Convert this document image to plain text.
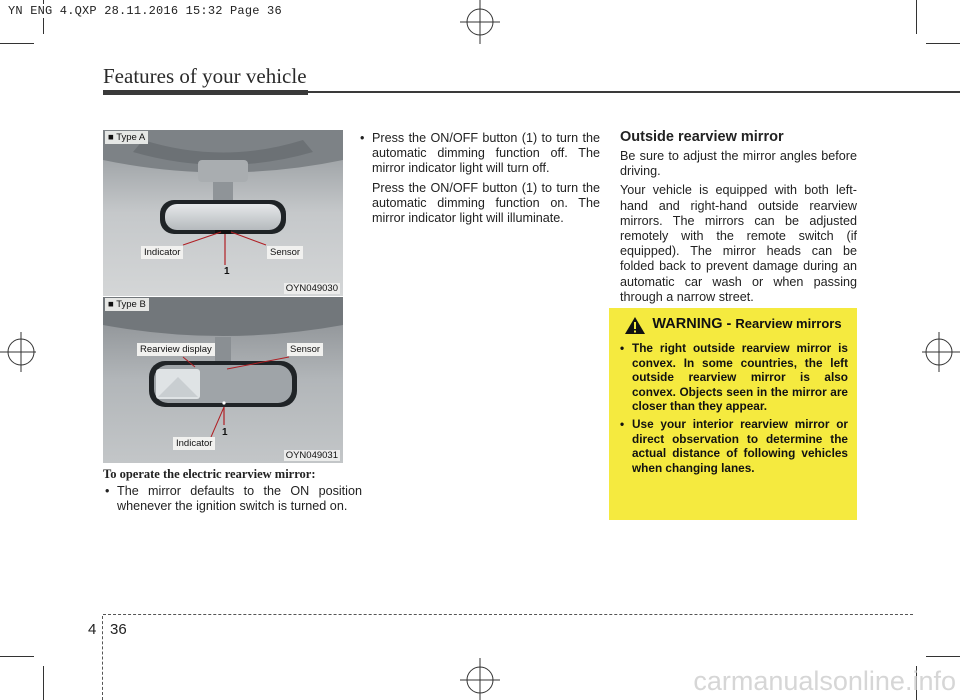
YN ENG 4.QXP 28.11.2016 15:32 Page 36
Features of your vehicle
■ Type A
Indicator	Sensor
1
OYN049030
■ Type B
Rearview display	Sensor
Indicator
1
OYN049031
To operate the electric rearview mirror:
• The mirror defaults to the ON position whenever the ignition switch is turned on.
• Press the ON/OFF button (1) to turn the automatic dimming function off. The mirror indicator light will turn off.
Press the ON/OFF button (1) to turn the automatic dimming function on. The mirror indicator light will illuminate.
Outside rearview mirror

Be sure to adjust the mirror angles before driving.

Your vehicle is equipped with both left-hand and right-hand outside rearview mirrors. The mirrors can be adjusted remotely with the remote switch (if equipped). The mirror heads can be folded back to prevent damage during an automatic car wash or when passing through a narrow street.

WARNING - Rearview mirrors
• The right outside rearview mirror is convex. In some countries, the left outside rearview mirror is also convex. Objects seen in the mirror are closer than they appear.
• Use your interior rearview mirror or direct observation to determine the actual distance of following vehicles when changing lanes.
4 36
carmanualsonline.info
